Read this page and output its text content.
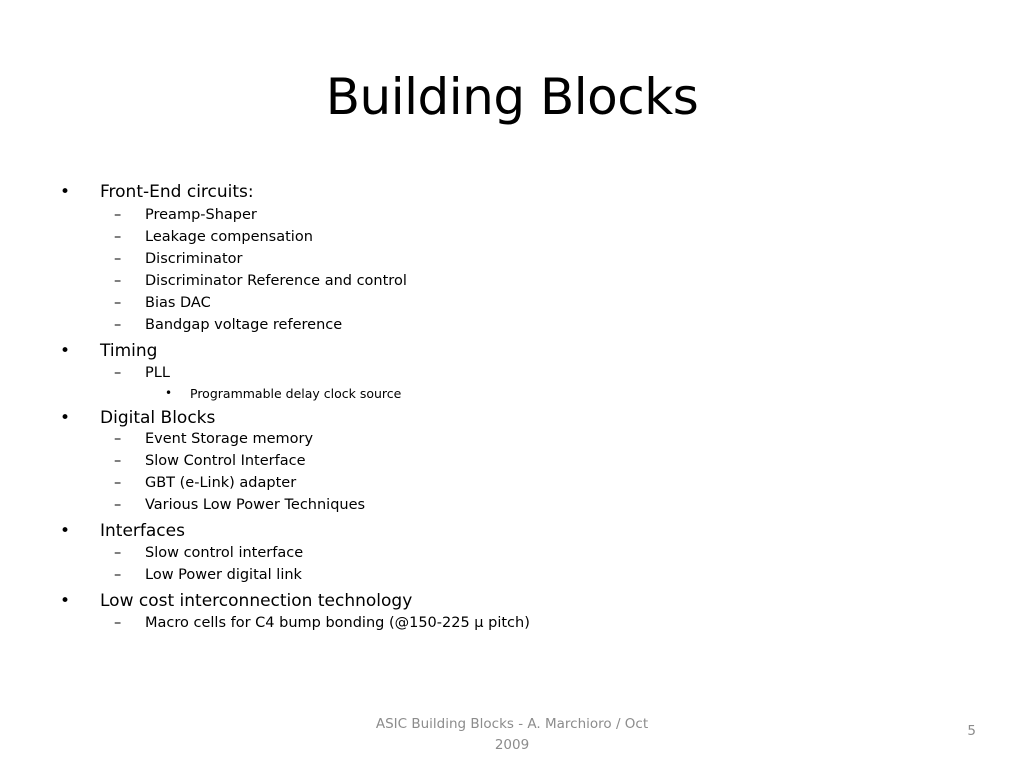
Building Blocks
• Front-End circuits:
– Preamp-Shaper
– Leakage compensation
– Discriminator
– Discriminator Reference and control
– Bias DAC
– Bandgap voltage reference
• Timing
– PLL
• Programmable delay clock source
• Digital Blocks
– Event Storage memory
– Slow Control Interface
– GBT (e-Link) adapter
– Various Low Power Techniques
• Interfaces
– Slow control interface
– Low Power digital link
• Low cost interconnection technology
– Macro cells for C4 bump bonding (@150-225 μ pitch)
ASIC Building Blocks - A. Marchioro / Oct
2009
5
